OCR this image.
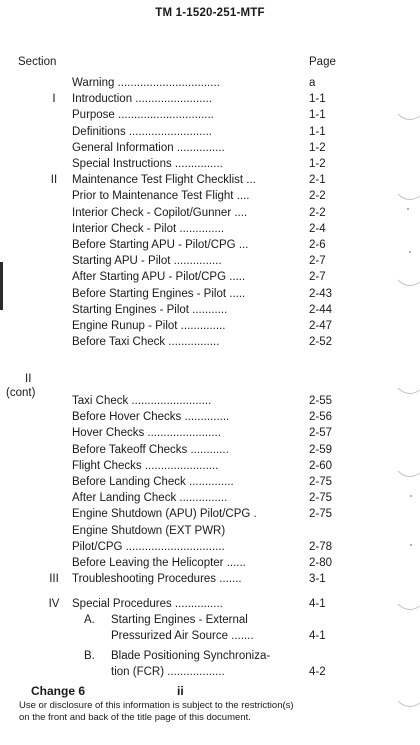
TM 1-1520-251-MTF
Section	Page
Warning ................................	a
I	Introduction ........................	1-1
Purpose ..............................	1-1
Definitions ..........................	1-1
General Information ...............	1-2
Special Instructions ...............	1-2
II	Maintenance Test Flight Checklist ...	2-1
Prior to Maintenance Test Flight ....	2-2
Interior Check - Copilot/Gunner ....	2-2
Interior Check - Pilot ..............	2-4
Before Starting APU - Pilot/CPG ...	2-6
Starting APU - Pilot ...............	2-7
After Starting APU - Pilot/CPG .....	2-7
Before Starting Engines - Pilot .....	2-43
Starting Engines - Pilot ...........	2-44
Engine Runup - Pilot ..............	2-47
Before Taxi Check ................	2-52
II
(cont)
Taxi Check .........................	2-55
Before Hover Checks ..............	2-56
Hover Checks .......................	2-57
Before Takeoff Checks ............	2-59
Flight Checks .......................	2-60
Before Landing Check ..............	2-75
After Landing Check ...............	2-75
Engine Shutdown (APU) Pilot/CPG .	2-75
Engine Shutdown (EXT PWR)
Pilot/CPG ...............................	2-78
Before Leaving the Helicopter ......	2-80
III	Troubleshooting Procedures .......	3-1
IV	Special Procedures ...............	4-1
A. Starting Engines - External
Pressurized Air Source .......	4-1
B. Blade Positioning Synchroniza-
tion (FCR) ..................	4-2
Change 6	ii
Use or disclosure of this information is subject to the restriction(s)
on the front and back of the title page of this document.
